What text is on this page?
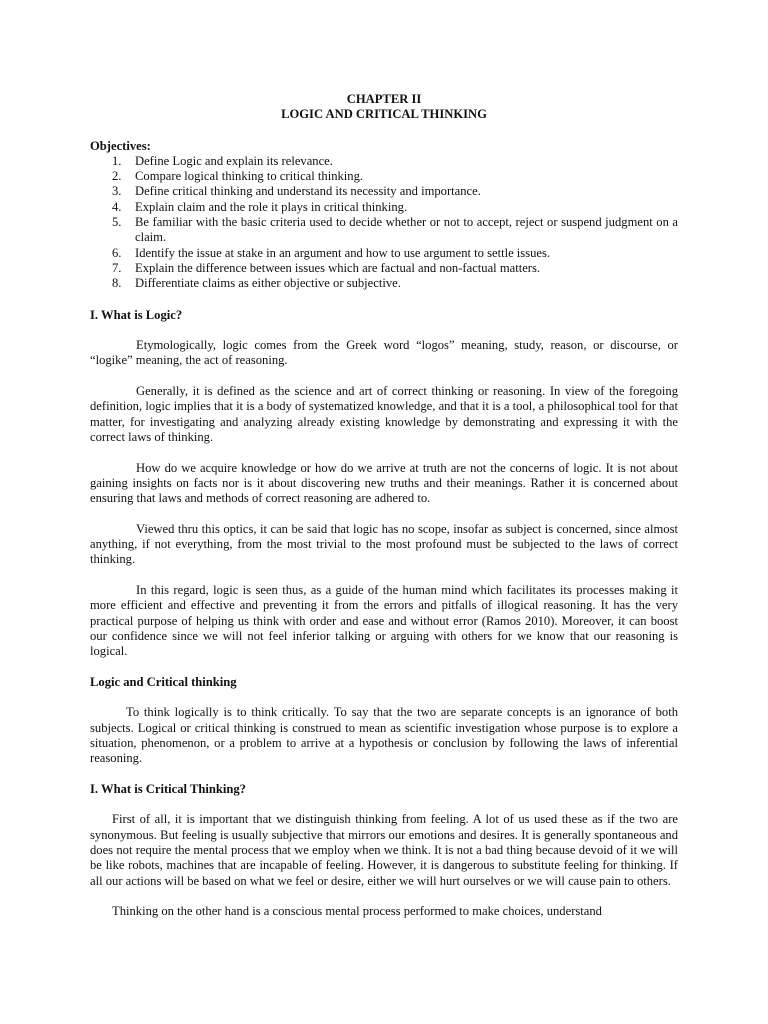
CHAPTER II
LOGIC AND CRITICAL THINKING
Objectives:
1. Define Logic and explain its relevance.
2. Compare logical thinking to critical thinking.
3. Define critical thinking and understand its necessity and importance.
4. Explain claim and the role it plays in critical thinking.
5. Be familiar with the basic criteria used to decide whether or not to accept, reject or suspend judgment on a claim.
6. Identify the issue at stake in an argument and how to use argument to settle issues.
7. Explain the difference between issues which are factual and non-factual matters.
8. Differentiate claims as either objective or subjective.
I. What is Logic?

Etymologically, logic comes from the Greek word “logos” meaning, study, reason, or discourse, or “logike” meaning, the act of reasoning.

Generally, it is defined as the science and art of correct thinking or reasoning. In view of the foregoing definition, logic implies that it is a body of systematized knowledge, and that it is a tool, a philosophical tool for that matter, for investigating and analyzing already existing knowledge by demonstrating and expressing it with the correct laws of thinking.

How do we acquire knowledge or how do we arrive at truth are not the concerns of logic. It is not about gaining insights on facts nor is it about discovering new truths and their meanings. Rather it is concerned about ensuring that laws and methods of correct reasoning are adhered to.

Viewed thru this optics, it can be said that logic has no scope, insofar as subject is concerned, since almost anything, if not everything, from the most trivial to the most profound must be subjected to the laws of correct thinking.

In this regard, logic is seen thus, as a guide of the human mind which facilitates its processes making it more efficient and effective and preventing it from the errors and pitfalls of illogical reasoning. It has the very practical purpose of helping us think with order and ease and without error (Ramos 2010). Moreover, it can boost our confidence since we will not feel inferior talking or arguing with others for we know that our reasoning is logical.

Logic and Critical thinking

To think logically is to think critically. To say that the two are separate concepts is an ignorance of both subjects. Logical or critical thinking is construed to mean as scientific investigation whose purpose is to explore a situation, phenomenon, or a problem to arrive at a hypothesis or conclusion by following the laws of inferential reasoning.

I. What is Critical Thinking?

First of all, it is important that we distinguish thinking from feeling. A lot of us used these as if the two are synonymous. But feeling is usually subjective that mirrors our emotions and desires. It is generally spontaneous and does not require the mental process that we employ when we think. It is not a bad thing because devoid of it we will be like robots, machines that are incapable of feeling. However, it is dangerous to substitute feeling for thinking. If all our actions will be based on what we feel or desire, either we will hurt ourselves or we will cause pain to others.

Thinking on the other hand is a conscious mental process performed to make choices, understand
